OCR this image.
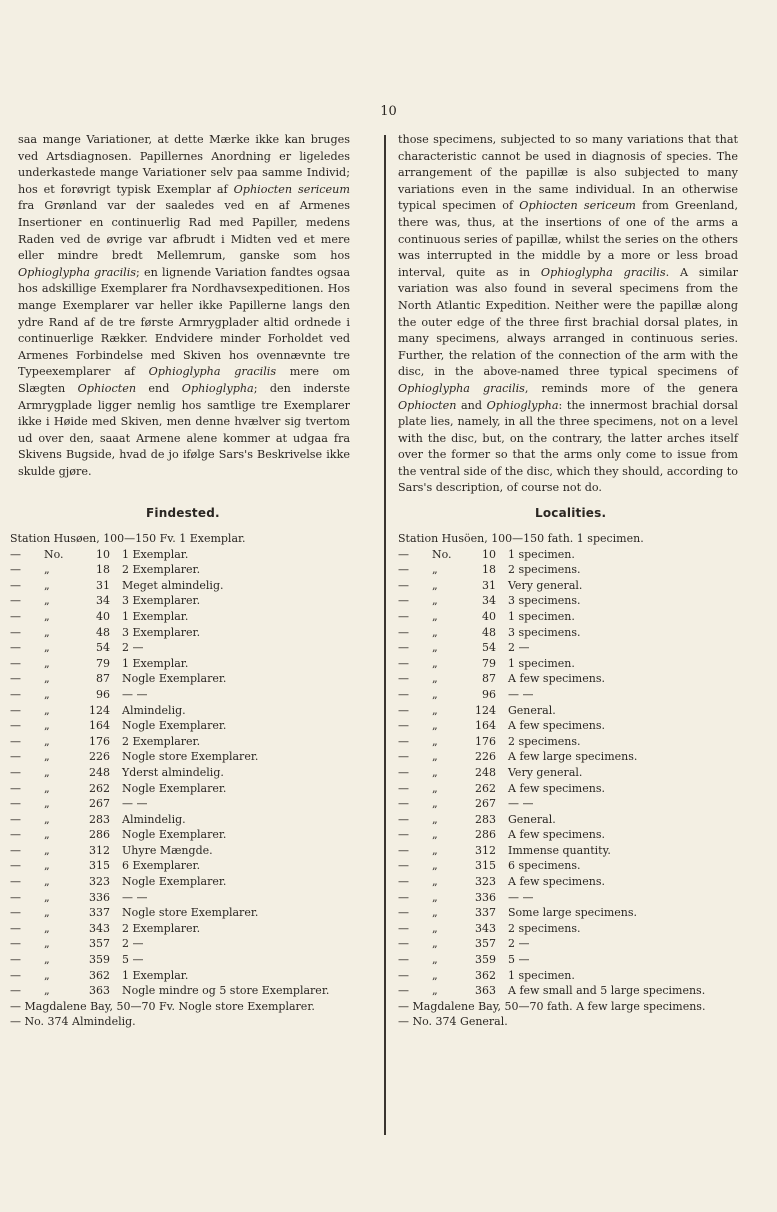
10

saa mange Variationer, at dette Mærke ikke kan bruges ved Artsdiagnosen. Papillernes Anordning er ligeledes underkastede mange Variationer selv paa samme Individ; hos et forøvrigt typisk Exemplar af Ophiocten sericeum fra Grønland var der saaledes ved en af Armenes Insertioner en continuerlig Rad med Papiller, medens Raden ved de øvrige var afbrudt i Midten ved et mere eller mindre bredt Mellemrum, ganske som hos Ophioglypha gracilis; en lignende Variation fandtes ogsaa hos adskillige Exemplarer fra Nordhavsexpeditionen. Hos mange Exemplarer var heller ikke Papillerne langs den ydre Rand af de tre første Armrygplader altid ordnede i continuerlige Rækker. Endvidere minder Forholdet ved Armenes Forbindelse med Skiven hos ovennævnte tre Typeexemplarer af Ophioglypha gracilis mere om Slægten Ophiocten end Ophioglypha; den inderste Armrygplade ligger nemlig hos samtlige tre Exemplarer ikke i Høide med Skiven, men denne hvælver sig tvertom ud over den, saaat Armene alene kommer at udgaa fra Skivens Bugside, hvad de jo ifølge Sars's Beskrivelse ikke skulde gjøre.

those specimens, subjected to so many variations that that characteristic cannot be used in diagnosis of species. The arrangement of the papillæ is also subjected to many variations even in the same individual. In an otherwise typical specimen of Ophiocten sericeum from Greenland, there was, thus, at the insertions of one of the arms a continuous series of papillæ, whilst the series on the others was interrupted in the middle by a more or less broad interval, quite as in Ophioglypha gracilis. A similar variation was also found in several specimens from the North Atlantic Expedition. Neither were the papillæ along the outer edge of the three first brachial dorsal plates, in many specimens, always arranged in continuous series. Further, the relation of the connection of the arm with the disc, in the above-named three typical specimens of Ophioglypha gracilis, reminds more of the genera Ophiocten and Ophioglypha: the innermost brachial dorsal plate lies, namely, in all the three specimens, not on a level with the disc, but, on the contrary, the latter arches itself over the former so that the arms only come to issue from the ventral side of the disc, which they should, according to Sars's description, of course not do.

Findested.	Localities.
Station Husøen, 100—150 Fv. 1 Exemplar.
— No.	10 1 Exemplar.
— „	18 2 Exemplarer.
— „	31 Meget almindelig.
— „	34 3 Exemplarer.
— „	40 1 Exemplar.
— „	48 3 Exemplarer.
— „	54 2 —
— „	79 1 Exemplar.
— „	87 Nogle Exemplarer.
— „	96 — —
— „	124 Almindelig.
— „	164 Nogle Exemplarer.
— „	176 2 Exemplarer.
— „	226 Nogle store Exemplarer.
— „	248 Yderst almindelig.
— „	262 Nogle Exemplarer.
— „	267 — —
— „	283 Almindelig.
— „	286 Nogle Exemplarer.
— „	312 Uhyre Mængde.
— „	315 6 Exemplarer.
— „	323 Nogle Exemplarer.
— „	336 — —
— „	337 Nogle store Exemplarer.
— „	343 2 Exemplarer.
— „	357 2 —
— „	359 5 —
— „	362 1 Exemplar.
— „	363 Nogle mindre og 5 store Exemplarer.
— Magdalene Bay, 50—70 Fv. Nogle store Exemplarer.
— No. 374 Almindelig.
Station Husöen, 100—150 fath. 1 specimen.
— No.	10 1 specimen.
— „	18 2 specimens.
— „	31 Very general.
— „	34 3 specimens.
— „	40 1 specimen.
— „	48 3 specimens.
— „	54 2 —
— „	79 1 specimen.
— „	87 A few specimens.
— „	96 — —
— „	124 General.
— „	164 A few specimens.
— „	176 2 specimens.
— „	226 A few large specimens.
— „	248 Very general.
— „	262 A few specimens.
— „	267 — —
— „	283 General.
— „	286 A few specimens.
— „	312 Immense quantity.
— „	315 6 specimens.
— „	323 A few specimens.
— „	336 — —
— „	337 Some large specimens.
— „	343 2 specimens.
— „	357 2 —
— „	359 5 —
— „	362 1 specimen.
— „	363 A few small and 5 large specimens.
— Magdalene Bay, 50—70 fath. A few large specimens.
— No. 374 General.
